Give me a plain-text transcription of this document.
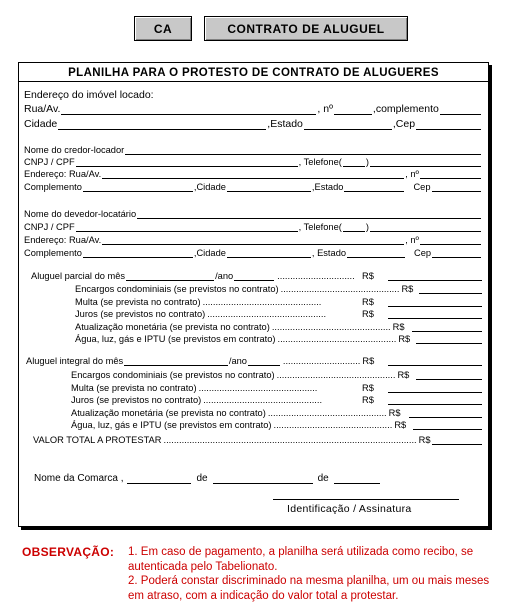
CA	CONTRATO DE ALUGUEL
PLANILHA PARA O PROTESTO DE CONTRATO DE ALUGUERES
Endereço do imóvel locado:
Rua/Av.	, nº	,complemento
Cidade	,Estado	,Cep
Nome do credor-locador
CNPJ / CPF	, Telefone(	)
Endereço: Rua/Av.	, nº
Complemento	,Cidade	,Estado	Cep
Nome do devedor-locatário
CNPJ / CPF	, Telefone(	)
Endereço: Rua/Av.	, nº
Complemento	,Cidade	, Estado	Cep
Aluguel parcial do mês	/ano	.............................. R$
Encargos condominiais (se previstos no contrato) .............................................. R$
Multa (se prevista no contrato) ..............................................	R$
Juros (se previstos no contrato) ..............................................	R$
Atualização monetária (se prevista no contrato) .............................................. R$
Água, luz, gás e IPTU (se previstos em contrato) .............................................. R$
Aluguel integral do mês	/ano	.............................. R$
Encargos condominiais (se previstos no contrato) .............................................. R$
Multa (se prevista no contrato) ..............................................	R$
Juros (se previstos no contrato) ..............................................	R$
Atualização monetária (se prevista no contrato) .............................................. R$
Água, luz, gás e IPTU (se previstos em contrato) .............................................. R$
VALOR TOTAL A PROTESTAR .................................................................................................. R$
Nome da Comarca ,	de	de
Identificação / Assinatura
OBSERVAÇÃO: 1. Em caso de pagamento, a planilha será utilizada como recibo, se autenticada pelo Tabelionato.
2. Poderá constar discriminado na mesma planilha, um ou mais meses em atraso, com a indicação do valor total a protestar.
